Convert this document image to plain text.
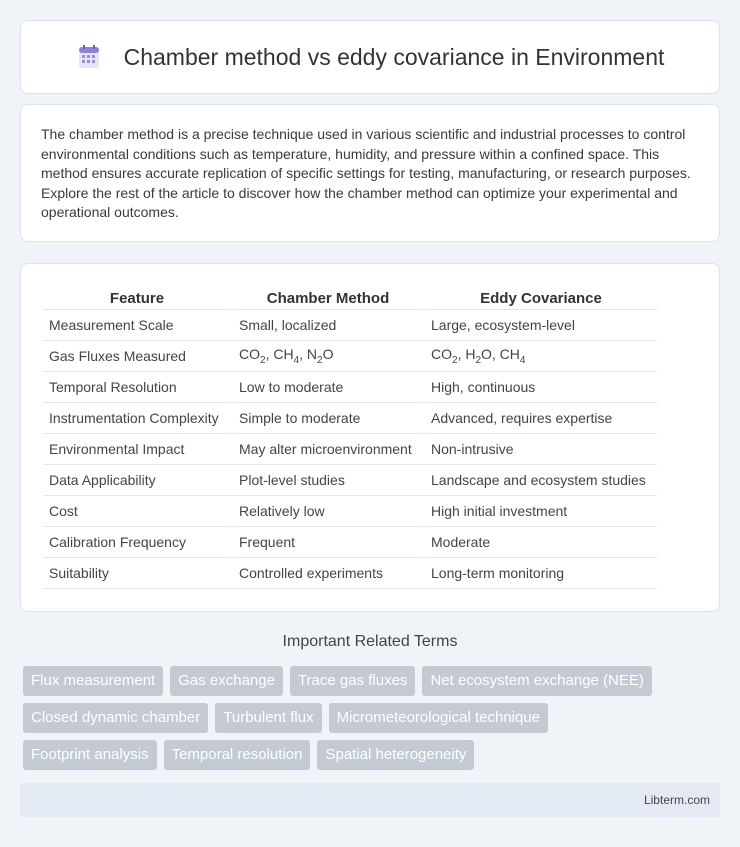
Chamber method vs eddy covariance in Environment

The chamber method is a precise technique used in various scientific and industrial processes to control environmental conditions such as temperature, humidity, and pressure within a confined space. This method ensures accurate replication of specific settings for testing, manufacturing, or research purposes. Explore the rest of the article to discover how the chamber method can optimize your experimental and operational outcomes.

Feature	Chamber Method	Eddy Covariance
Measurement Scale	Small, localized	Large, ecosystem-level
Gas Fluxes Measured	$CO_2$, $CH_4$, $N_2O$	$CO_2$, $H_2O$, $CH_4$
Temporal Resolution	Low to moderate	High, continuous
Instrumentation Complexity	Simple to moderate	Advanced, requires expertise
Environmental Impact	May alter microenvironment	Non-intrusive
Data Applicability	Plot-level studies	Landscape and ecosystem studies
Cost	Relatively low	High initial investment
Calibration Frequency	Frequent	Moderate
Suitability	Controlled experiments	Long-term monitoring
Important Related Terms
Flux measurement	Gas exchange	Trace gas fluxes	Net ecosystem exchange (NEE)
Closed dynamic chamber	Turbulent flux	Micrometeorological technique
Footprint analysis	Temporal resolution	Spatial heterogeneity
Libterm.com
